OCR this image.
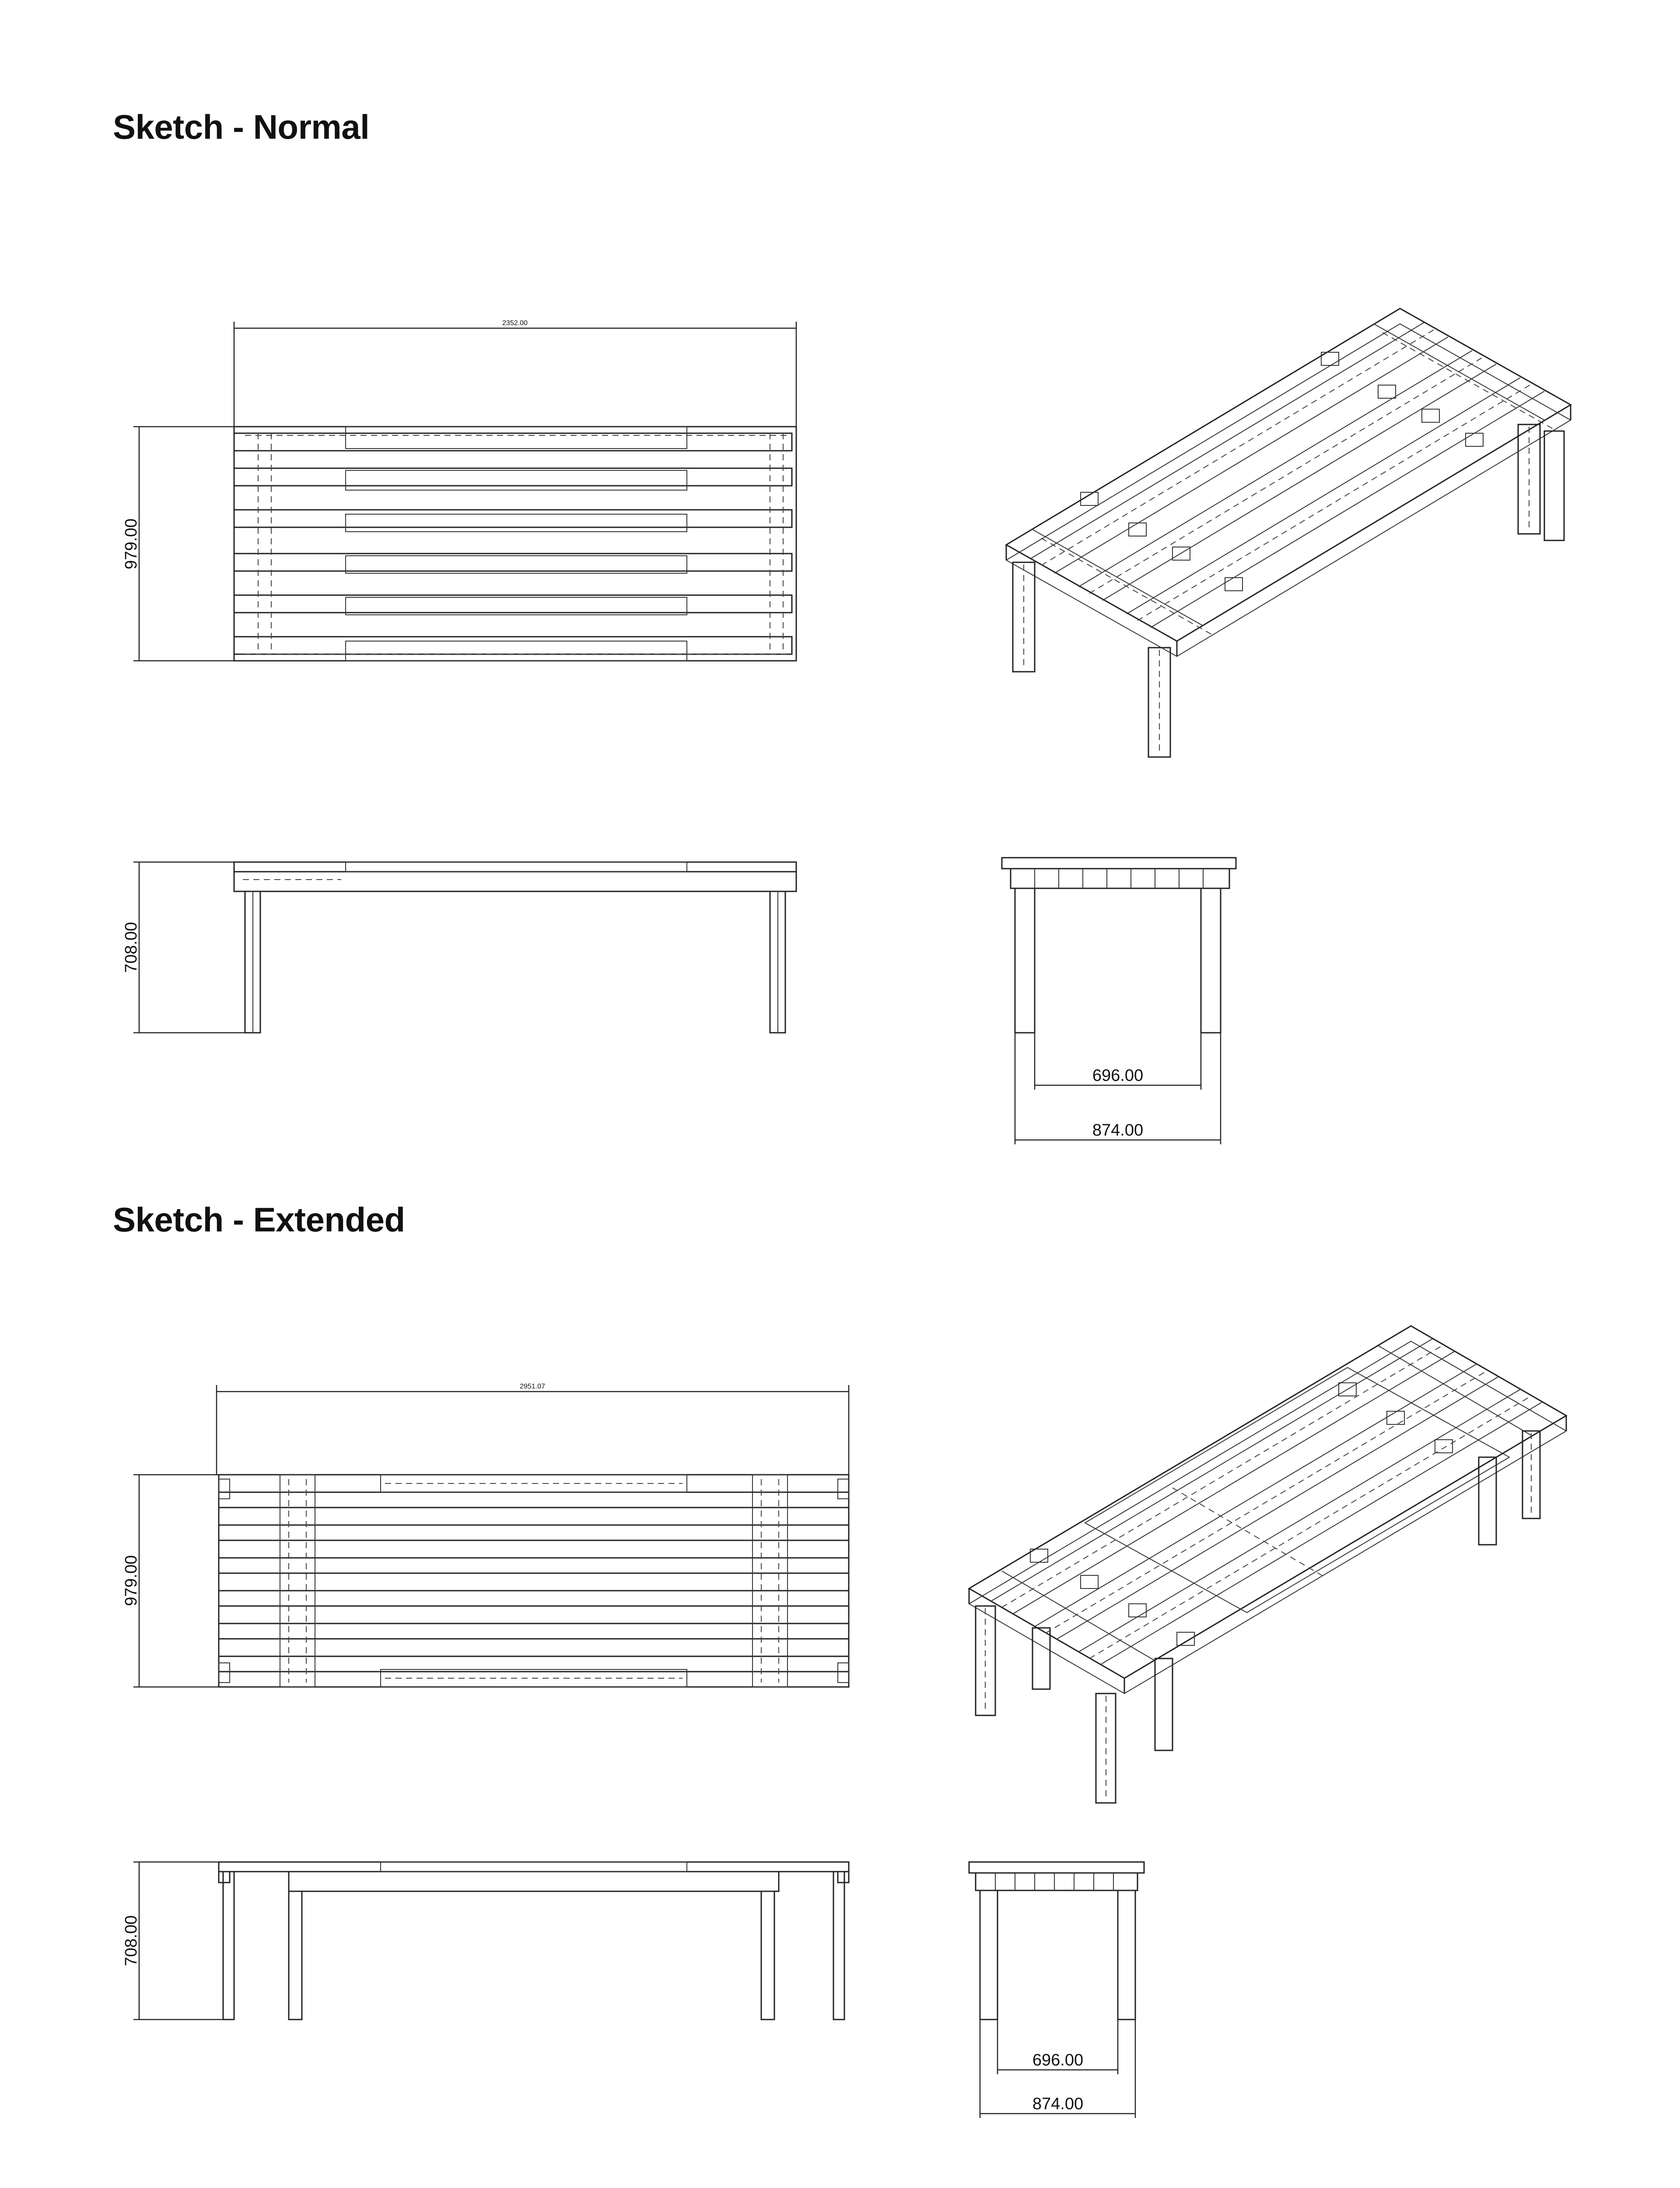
Sketch - Normal
Sketch - Extended
2352.00
979.00
708.00
696.00
874.00
2951.07
979.00
708.00
696.00
874.00
